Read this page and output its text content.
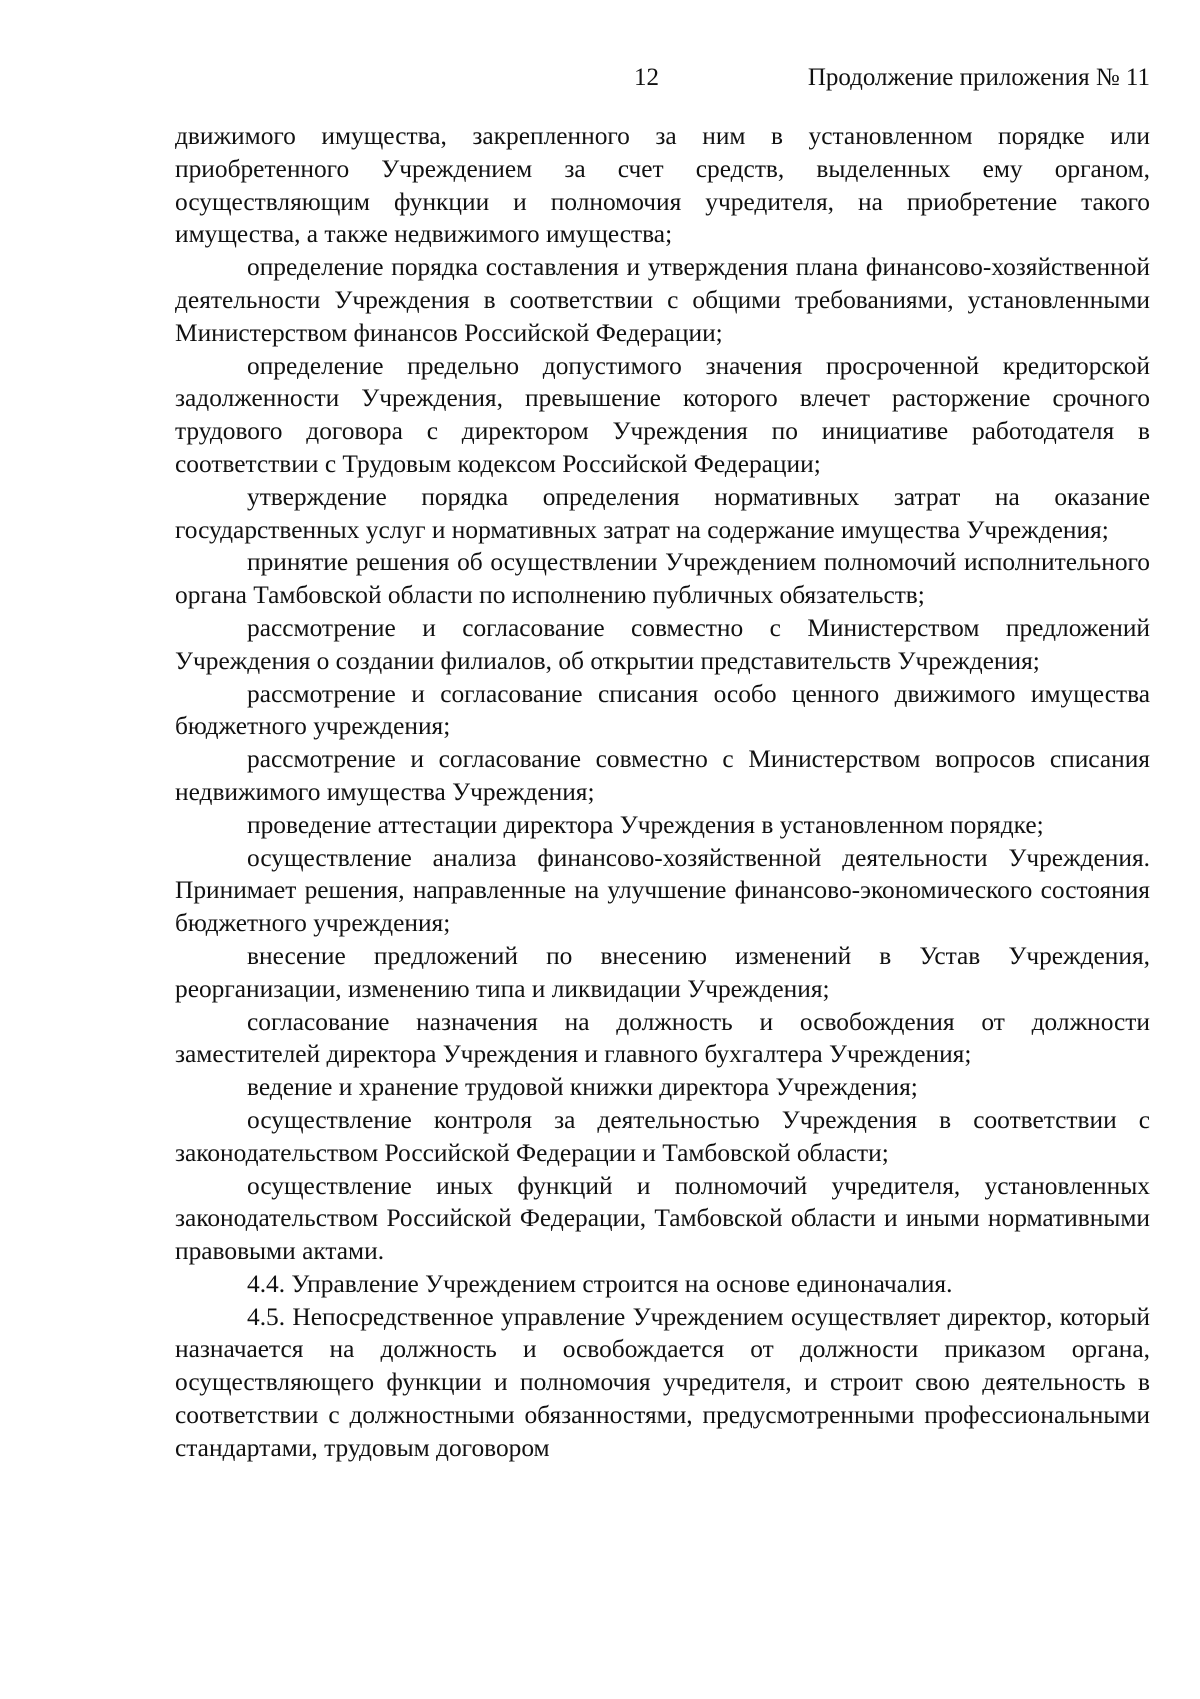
12	Продолжение приложения № 11

движимого имущества, закрепленного за ним в установленном порядке или приобретенного Учреждением за счет средств, выделенных ему органом, осуществляющим функции и полномочия учредителя, на приобретение такого имущества, а также недвижимого имущества;

определение порядка составления и утверждения плана финансово-хозяйственной деятельности Учреждения в соответствии с общими требованиями, установленными Министерством финансов Российской Федерации;

определение предельно допустимого значения просроченной кредиторской задолженности Учреждения, превышение которого влечет расторжение срочного трудового договора с директором Учреждения по инициативе работодателя в соответствии с Трудовым кодексом Российской Федерации;

утверждение порядка определения нормативных затрат на оказание государственных услуг и нормативных затрат на содержание имущества Учреждения;

принятие решения об осуществлении Учреждением полномочий исполнительного органа Тамбовской области по исполнению публичных обязательств;

рассмотрение и согласование совместно с Министерством предложений Учреждения о создании филиалов, об открытии представительств Учреждения;

рассмотрение и согласование списания особо ценного движимого имущества бюджетного учреждения;

рассмотрение и согласование совместно с Министерством вопросов списания недвижимого имущества Учреждения;

проведение аттестации директора Учреждения в установленном порядке;

осуществление анализа финансово-хозяйственной деятельности Учреждения. Принимает решения, направленные на улучшение финансово-экономического состояния бюджетного учреждения;

внесение предложений по внесению изменений в Устав Учреждения, реорганизации, изменению типа и ликвидации Учреждения;

согласование назначения на должность и освобождения от должности заместителей директора Учреждения и главного бухгалтера Учреждения;

ведение и хранение трудовой книжки директора Учреждения;

осуществление контроля за деятельностью Учреждения в соответствии с законодательством Российской Федерации и Тамбовской области;

осуществление иных функций и полномочий учредителя, установленных законодательством Российской Федерации, Тамбовской области и иными нормативными правовыми актами.

4.4. Управление Учреждением строится на основе единоначалия.

4.5. Непосредственное управление Учреждением осуществляет директор, который назначается на должность и освобождается от должности приказом органа, осуществляющего функции и полномочия учредителя, и строит свою деятельность в соответствии с должностными обязанностями, предусмотренными профессиональными стандартами, трудовым договором
